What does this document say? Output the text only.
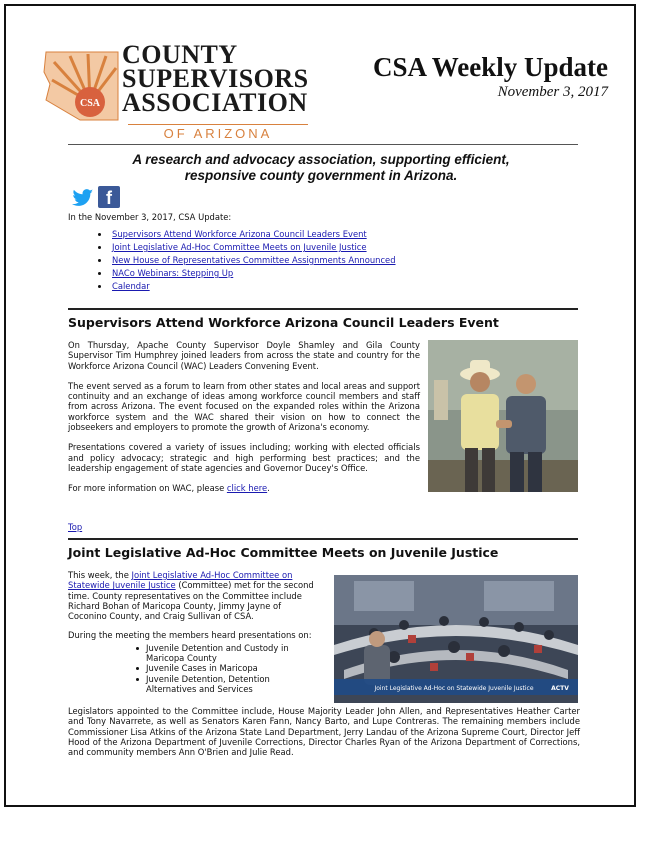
CSA
COUNTY
SUPERVISORS
ASSOCIATION
OF ARIZONA
CSA Weekly Update
November 3, 2017
A research and advocacy association, supporting efficient, responsive county government in Arizona.
f
In the November 3, 2017, CSA Update:
Supervisors Attend Workforce Arizona Council Leaders Event
Joint Legislative Ad-Hoc Committee Meets on Juvenile Justice
New House of Representatives Committee Assignments Announced
NACo Webinars: Stepping Up
Calendar
Supervisors Attend Workforce Arizona Council Leaders Event

On Thursday, Apache County Supervisor Doyle Shamley and Gila County Supervisor Tim Humphrey joined leaders from across the state and country for the Workforce Arizona Council (WAC) Leaders Convening Event.

The event served as a forum to learn from other states and local areas and support continuity and an exchange of ideas among workforce council members and staff from across Arizona. The event focused on the expanded roles within the Arizona workforce system and the WAC shared their vision on how to connect the jobseekers and employers to promote the growth of Arizona's economy.

Presentations covered a variety of issues including; working with elected officials and policy advocacy; strategic and high performing best practices; and the leadership engagement of state agencies and Governor Ducey's Office.

For more information on WAC, please click here.

Top
Joint Legislative Ad-Hoc Committee Meets on Juvenile Justice

This week, the Joint Legislative Ad-Hoc Committee on Statewide Juvenile Justice (Committee) met for the second time. County representatives on the Committee include Richard Bohan of Maricopa County, Jimmy Jayne of Coconino County, and Craig Sullivan of CSA.

During the meeting the members heard presentations on:

Juvenile Detention and Custody in Maricopa County
Juvenile Cases in Maricopa
Juvenile Detention, Detention Alternatives and Services	Joint Legislative Ad-Hoc on Statewide Juvenile Justice	ACTV
Legislators appointed to the Committee include, House Majority Leader John Allen, and Representatives Heather Carter and Tony Navarrete, as well as Senators Karen Fann, Nancy Barto, and Lupe Contreras. The remaining members include Commissioner Lisa Atkins of the Arizona State Land Department, Jerry Landau of the Arizona Supreme Court, Director Jeff Hood of the Arizona Department of Juvenile Corrections, Director Charles Ryan of the Arizona Department of Corrections, and community members Ann O'Brien and Julie Read.
